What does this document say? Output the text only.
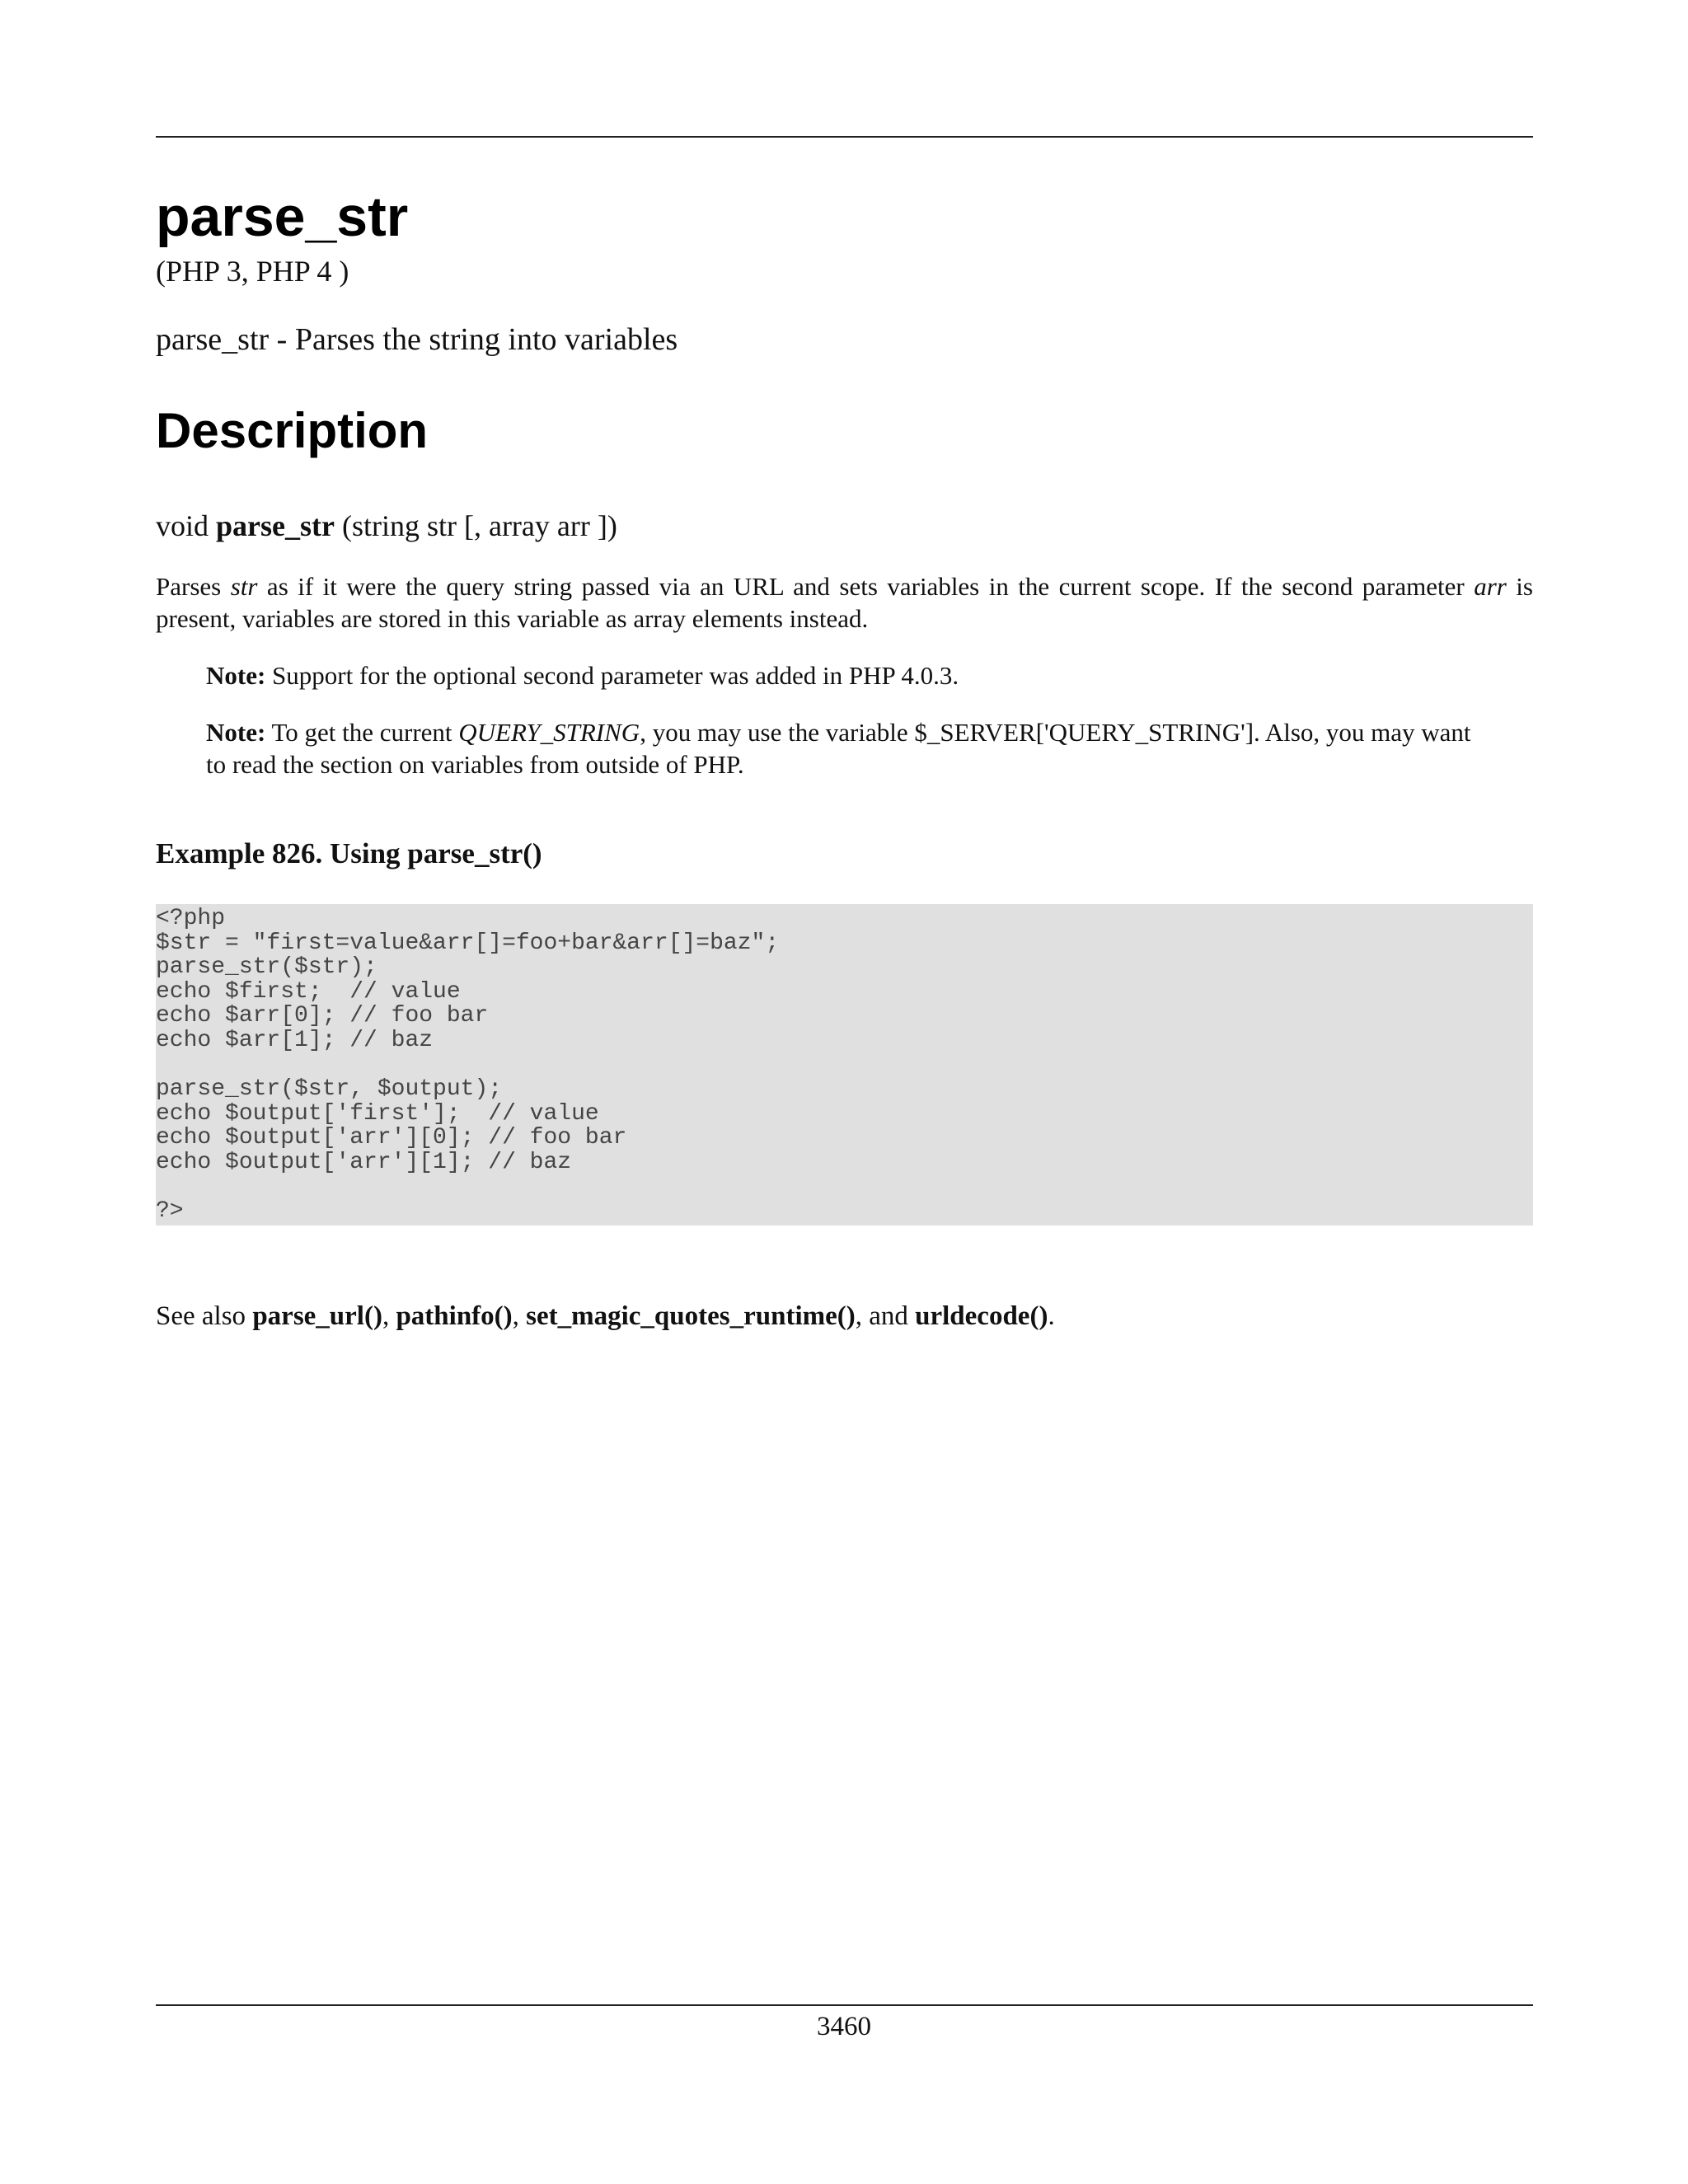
parse_str
(PHP 3, PHP 4 )
parse_str - Parses the string into variables
Description
void parse_str (string str [, array arr ])
Parses str as if it were the query string passed via an URL and sets variables in the current scope. If the second parameter arr is present, variables are stored in this variable as array elements instead.
Note: Support for the optional second parameter was added in PHP 4.0.3.
Note: To get the current QUERY_STRING, you may use the variable $_SERVER['QUERY_STRING']. Also, you may want to read the section on variables from outside of PHP.
Example 826. Using parse_str()
<?php
$str = "first=value&arr[]=foo+bar&arr[]=baz";
parse_str($str);
echo $first;  // value
echo $arr[0]; // foo bar
echo $arr[1]; // baz
parse_str($str, $output);
echo $output['first'];  // value
echo $output['arr'][0]; // foo bar
echo $output['arr'][1]; // baz
?>
See also parse_url(), pathinfo(), set_magic_quotes_runtime(), and urldecode().
3460
